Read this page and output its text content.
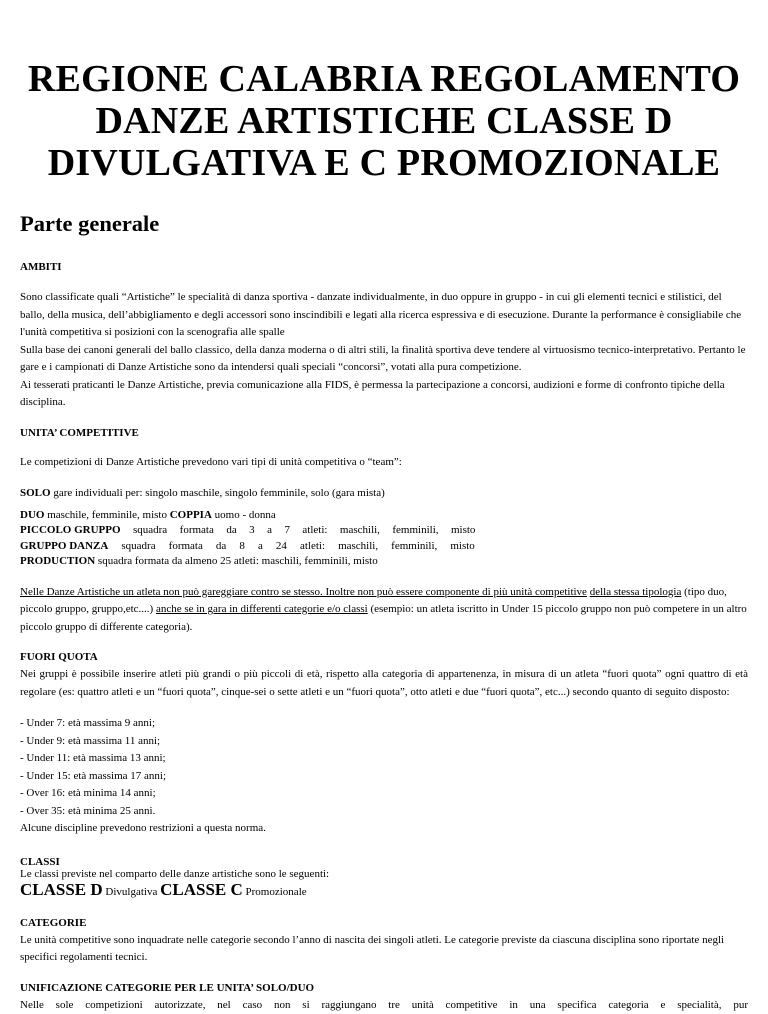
REGIONE CALABRIA REGOLAMENTO
DANZE ARTISTICHE CLASSE D
DIVULGATIVA E C PROMOZIONALE
Parte generale
AMBITI

Sono classificate quali “Artistiche” le specialità di danza sportiva - danzate individualmente, in duo oppure in gruppo - in cui gli elementi tecnici e stilistici, del ballo, della musica, dell’abbigliamento e degli accessori sono inscindibili e legati alla ricerca espressiva e di esecuzione. Durante la performance è consigliabile che l'unità competitiva si posizioni con la scenografia alle spalle

Sulla base dei canoni generali del ballo classico, della danza moderna o di altri stili, la finalità sportiva deve tendere al virtuosismo tecnico-interpretativo. Pertanto le gare e i campionati di Danze Artistiche sono da intendersi quali speciali “concorsi”, votati alla pura competizione.

Ai tesserati praticanti le Danze Artistiche, previa comunicazione alla FIDS, è permessa la partecipazione a concorsi, audizioni e forme di confronto tipiche della disciplina.

UNITA’ COMPETITIVE

Le competizioni di Danze Artistiche prevedono vari tipi di unità competitiva o “team”:

SOLO gare individuali per: singolo maschile, singolo femminile, solo (gara mista)

DUO maschile, femminile, misto COPPIA uomo - donna
PICCOLO GRUPPO squadra formata da 3 a 7 atleti: maschili, femminili, misto
GRUPPO DANZA squadra formata da 8 a 24 atleti: maschili, femminili, misto
PRODUCTION squadra formata da almeno 25 atleti: maschili, femminili, misto

Nelle Danze Artistiche un atleta non può gareggiare contro se stesso. Inoltre non può essere componente di più unità competitive della stessa tipologia (tipo duo, piccolo gruppo, gruppo,etc....) anche se in gara in differenti categorie e/o classi (esempio: un atleta iscritto in Under 15 piccolo gruppo non può competere in un altro piccolo gruppo di differente categoria).

FUORI QUOTA

Nei gruppi è possibile inserire atleti più grandi o più piccoli di età, rispetto alla categoria di appartenenza, in misura di un atleta “fuori quota” ogni quattro di età regolare (es: quattro atleti e un “fuori quota”, cinque-sei o sette atleti e un “fuori quota”, otto atleti e due “fuori quota”, etc...) secondo quanto di seguito disposto:

- Under 7: età massima 9 anni;
- Under 9: età massima 11 anni;
- Under 11: età massima 13 anni;
- Under 15: età massima 17 anni;
- Over 16: età minima 14 anni;
- Over 35: età minima 25 anni.
Alcune discipline prevedono restrizioni a questa norma.
CLASSI

Le classi previste nel comparto delle danze artistiche sono le seguenti:

CLASSE D Divulgativa CLASSE C Promozionale

CATEGORIE

Le unità competitive sono inquadrate nelle categorie secondo l’anno di nascita dei singoli atleti. Le categorie previste da ciascuna disciplina sono riportate negli specifici regolamenti tecnici.

UNIFICAZIONE CATEGORIE PER LE UNITA’ SOLO/DUO

Nelle sole competizioni autorizzate, nel caso non si raggiungano tre unità competitive in una specifica categoria e specialità, pur
